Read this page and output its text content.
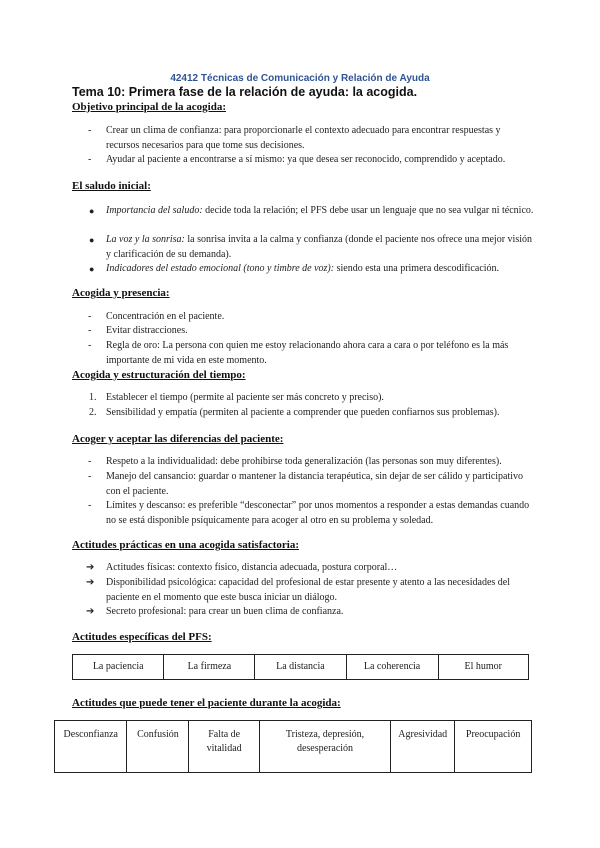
42412 Técnicas de Comunicación y Relación de Ayuda
Tema 10: Primera fase de la relación de ayuda: la acogida.
Objetivo principal de la acogida:
- Crear un clima de confianza: para proporcionarle el contexto adecuado para encontrar respuestas y recursos necesarios para que tome sus decisiones.
- Ayudar al paciente a encontrarse a sí mismo: ya que desea ser reconocido, comprendido y aceptado.
El saludo inicial:
● Importancia del saludo: decide toda la relación; el PFS debe usar un lenguaje que no sea vulgar ni técnico.
● La voz y la sonrisa: la sonrisa invita a la calma y confianza (donde el paciente nos ofrece una mejor visión y clarificación de su demanda).
● Indicadores del estado emocional (tono y timbre de voz): siendo esta una primera descodificación.
Acogida y presencia:
- Concentración en el paciente.
- Evitar distracciones.
- Regla de oro: La persona con quien me estoy relacionando ahora cara a cara o por teléfono es la más importante de mi vida en este momento.
Acogida y estructuración del tiempo:
1. Establecer el tiempo (permite al paciente ser más concreto y preciso).
2. Sensibilidad y empatía (permiten al paciente a comprender que pueden confiarnos sus problemas).
Acoger y aceptar las diferencias del paciente:
- Respeto a la individualidad: debe prohibirse toda generalización (las personas son muy diferentes).
- Manejo del cansancio: guardar o mantener la distancia terapéutica, sin dejar de ser cálido y participativo con el paciente.
- Límites y descanso: es preferible “desconectar” por unos momentos a responder a estas demandas cuando no se está disponible psíquicamente para acoger al otro en su problema y soledad.
Actitudes prácticas en una acogida satisfactoria:
➔ Actitudes físicas: contexto físico, distancia adecuada, postura corporal…
➔ Disponibilidad psicológica: capacidad del profesional de estar presente y atento a las necesidades del paciente en el momento que este busca iniciar un diálogo.
➔ Secreto profesional: para crear un buen clima de confianza.
Actitudes específicas del PFS:
La paciencia	La firmeza	La distancia	La coherencia	El humor
Actitudes que puede tener el paciente durante la acogida:
Desconfianza	Confusión	Falta de vitalidad	Tristeza, depresión, desesperación	Agresividad	Preocupación
